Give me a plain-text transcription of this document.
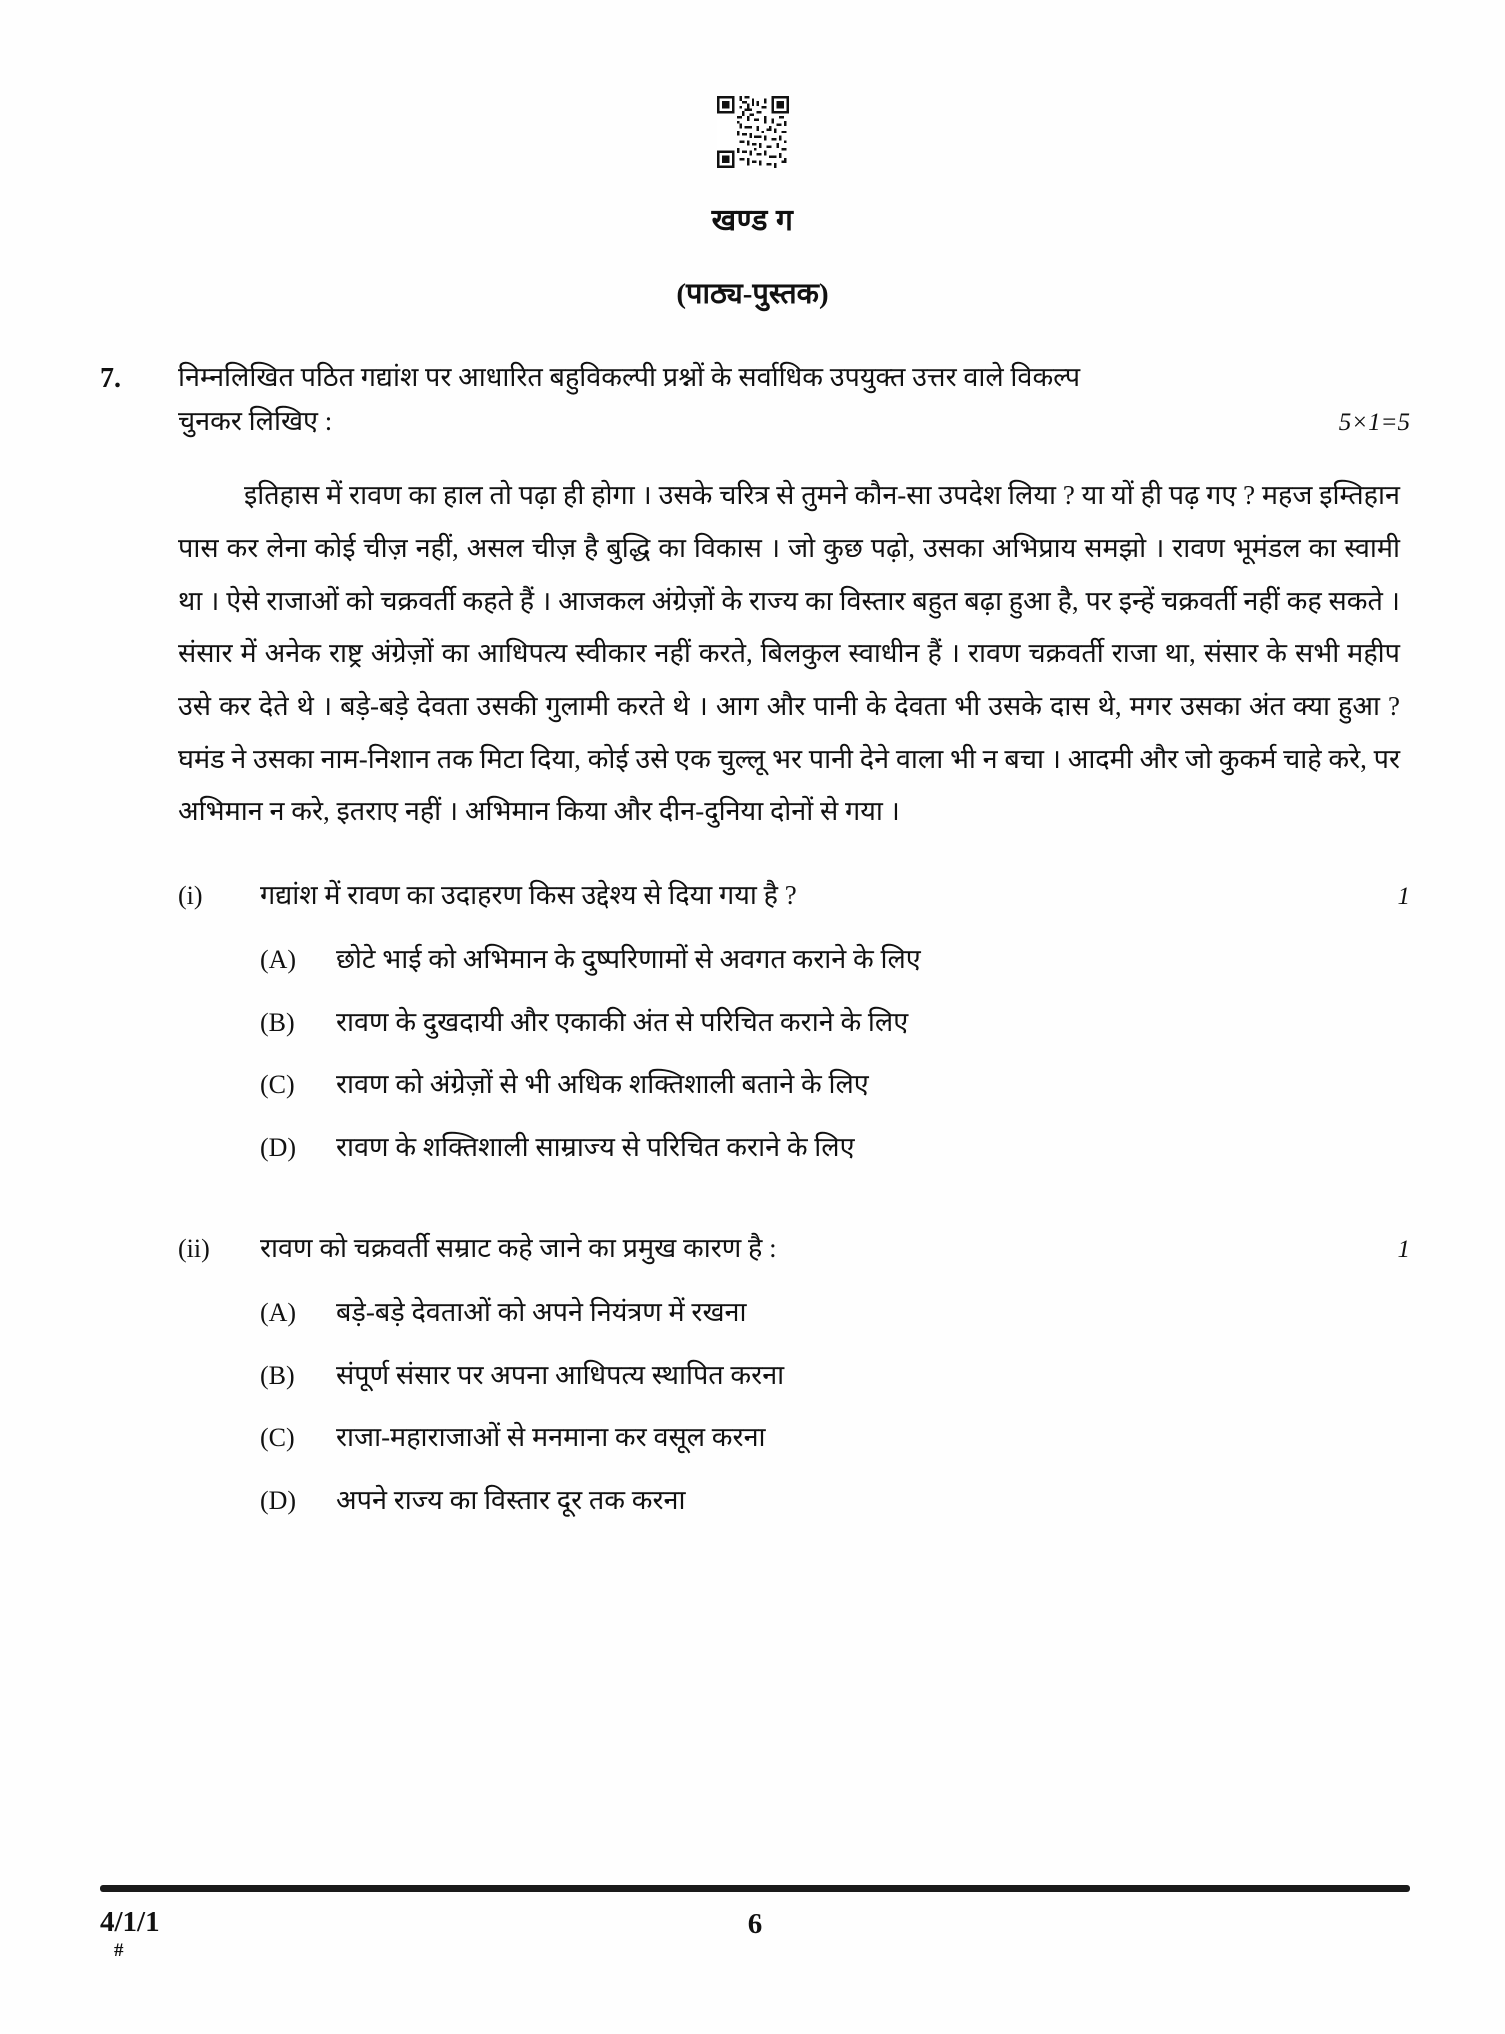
खण्ड ग
(पाठ्य-पुस्तक)
7.	निम्नलिखित पठित गद्यांश पर आधारित बहुविकल्पी प्रश्नों के सर्वाधिक उपयुक्त उत्तर वाले विकल्प
चुनकर लिखिए :	5×1=5
इतिहास में रावण का हाल तो पढ़ा ही होगा । उसके चरित्र से तुमने कौन-सा उपदेश लिया ? या यों ही पढ़ गए ? महज इम्तिहान पास कर लेना कोई चीज़ नहीं, असल चीज़ है बुद्धि का विकास । जो कुछ पढ़ो, उसका अभिप्राय समझो । रावण भूमंडल का स्वामी था । ऐसे राजाओं को चक्रवर्ती कहते हैं । आजकल अंग्रेज़ों के राज्य का विस्तार बहुत बढ़ा हुआ है, पर इन्हें चक्रवर्ती नहीं कह सकते । संसार में अनेक राष्ट्र अंग्रेज़ों का आधिपत्य स्वीकार नहीं करते, बिलकुल स्वाधीन हैं । रावण चक्रवर्ती राजा था, संसार के सभी महीप उसे कर देते थे । बड़े-बड़े देवता उसकी गुलामी करते थे । आग और पानी के देवता भी उसके दास थे, मगर उसका अंत क्या हुआ ? घमंड ने उसका नाम-निशान तक मिटा दिया, कोई उसे एक चुल्लू भर पानी देने वाला भी न बचा । आदमी और जो कुकर्म चाहे करे, पर अभिमान न करे, इतराए नहीं । अभिमान किया और दीन-दुनिया दोनों से गया ।
(i)	गद्यांश में रावण का उदाहरण किस उद्देश्य से दिया गया है ?	1
(A)	छोटे भाई को अभिमान के दुष्परिणामों से अवगत कराने के लिए
(B)	रावण के दुखदायी और एकाकी अंत से परिचित कराने के लिए
(C)	रावण को अंग्रेज़ों से भी अधिक शक्तिशाली बताने के लिए
(D)	रावण के शक्तिशाली साम्राज्य से परिचित कराने के लिए
(ii)	रावण को चक्रवर्ती सम्राट कहे जाने का प्रमुख कारण है :	1
(A)	बड़े-बड़े देवताओं को अपने नियंत्रण में रखना
(B)	संपूर्ण संसार पर अपना आधिपत्य स्थापित करना
(C)	राजा-महाराजाओं से मनमाना कर वसूल करना
(D)	अपने राज्य का विस्तार दूर तक करना
4/1/1
#
6
